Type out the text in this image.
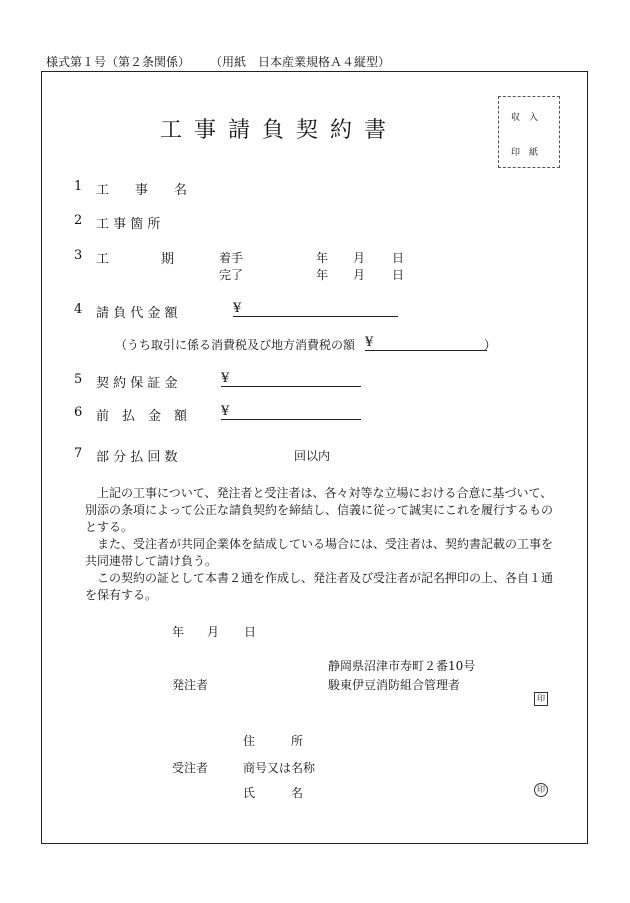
様式第１号（第２条関係） （用紙　日本産業規格Ａ４縦型）
工事請負契約書	収　入
印　紙
1 工　　事　　名
2 工 事 箇 所
3 工　　　　期	着手	年 月 日
完了	年 月 日
4 請 負 代 金 額	¥
（うち取引に係る消費税及び地方消費税の額 ¥	）
5 契 約 保 証 金	¥
6 前　払　金　額	¥
7 部 分 払 回 数	回以内
上記の工事について、発注者と受注者は、各々対等な立場における合意に基づいて、
別添の条項によって公正な請負契約を締結し、信義に従って誠実にこれを履行するもの
とする。
また、受注者が共同企業体を結成している場合には、受注者は、契約書記載の工事を
共同連帯して請け負う。
この契約の証として本書２通を作成し、発注者及び受注者が記名押印の上、各自１通
を保有する。
年 月 日
静岡県沼津市寿町２番10号
発注者	駿東伊豆消防組合管理者
印
住　　　所
受注者	商号又は名称
氏　　　名	印
